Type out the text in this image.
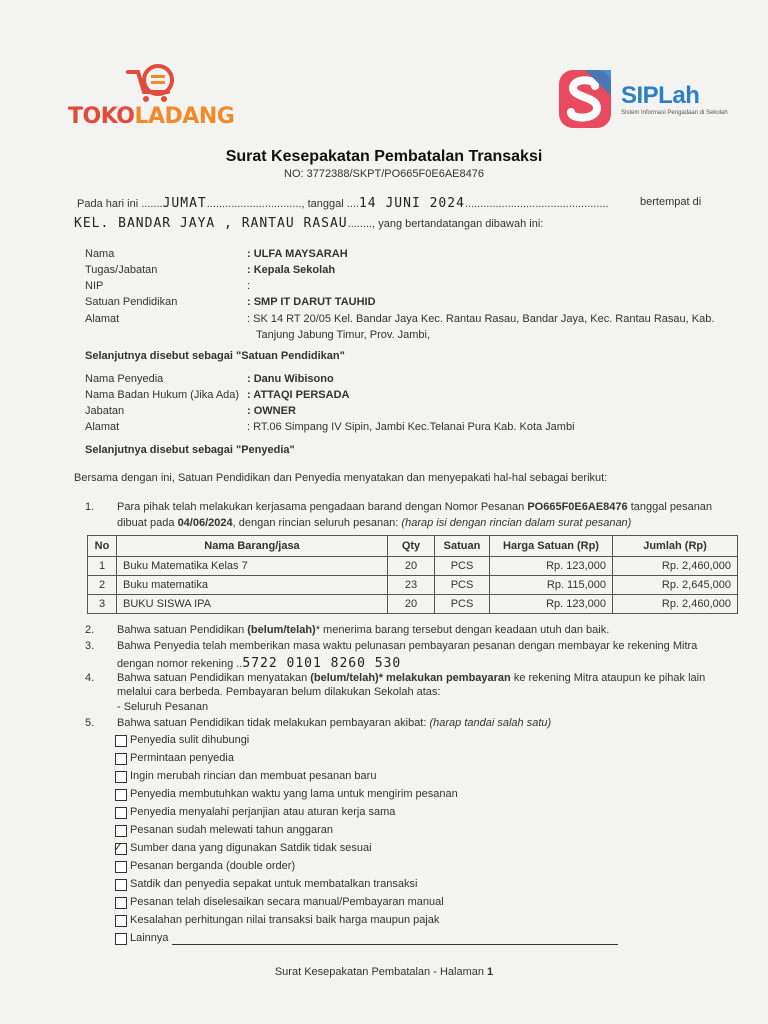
TOKOLADANG
SIPLah
Sistem Informasi Pengadaan di Sekolah
Surat Kesepakatan Pembatalan Transaksi
NO: 3772388/SKPT/PO665F0E6AE8476
Pada hari ini .......JUMAT..............................., tanggal ....14 JUNI 2024...............................................	bertempat di
KEL. BANDAR JAYA , RANTAU RASAU........, yang bertandatangan dibawah ini:
Nama	: ULFA MAYSARAH
Tugas/Jabatan	: Kepala Sekolah
NIP	:
Satuan Pendidikan	: SMP IT DARUT TAUHID
Alamat	: SK 14 RT 20/05 Kel. Bandar Jaya Kec. Rantau Rasau, Bandar Jaya, Kec. Rantau Rasau, Kab.
Tanjung Jabung Timur, Prov. Jambi,
Selanjutnya disebut sebagai "Satuan Pendidikan"
Nama Penyedia	: Danu Wibisono
Nama Badan Hukum (Jika Ada) : ATTAQI PERSADA
Jabatan	: OWNER
Alamat	: RT.06 Simpang IV Sipin, Jambi Kec.Telanai Pura Kab. Kota Jambi
Selanjutnya disebut sebagai "Penyedia"
Bersama dengan ini, Satuan Pendidikan dan Penyedia menyatakan dan menyepakati hal-hal sebagai berikut:
1. Para pihak telah melakukan kerjasama pengadaan barand dengan Nomor Pesanan PO665F0E6AE8476 tanggal pesanan
dibuat pada 04/06/2024, dengan rincian seluruh pesanan: (harap isi dengan rincian dalam surat pesanan)
No	Nama Barang/jasa	Qty	Satuan	Harga Satuan (Rp)	Jumlah (Rp)
1	Buku Matematika Kelas 7	20	PCS	Rp. 123,000	Rp. 2,460,000
2	Buku matematika	23	PCS	Rp. 115,000	Rp. 2,645,000
3	BUKU SISWA IPA	20	PCS	Rp. 123,000	Rp. 2,460,000
2. Bahwa satuan Pendidikan (belum/telah)* menerima barang tersebut dengan keadaan utuh dan baik.
3. Bahwa Penyedia telah memberikan masa waktu pelunasan pembayaran pesanan dengan membayar ke rekening Mitra
dengan nomor rekening ..5722 0101 8260 530
4. Bahwa satuan Pendidikan menyatakan (belum/telah)* melakukan pembayaran ke rekening Mitra ataupun ke pihak lain
melalui cara berbeda. Pembayaran belum dilakukan Sekolah atas:
- Seluruh Pesanan
5. Bahwa satuan Pendidikan tidak melakukan pembayaran akibat: (harap tandai salah satu)
Penyedia sulit dihubungi
Permintaan penyedia
Ingin merubah rincian dan membuat pesanan baru
Penyedia membutuhkan waktu yang lama untuk mengirim pesanan
Penyedia menyalahi perjanjian atau aturan kerja sama
Pesanan sudah melewati tahun anggaran
✓ Sumber dana yang digunakan Satdik tidak sesuai
Pesanan berganda (double order)
Satdik dan penyedia sepakat untuk membatalkan transaksi
Pesanan telah diselesaikan secara manual/Pembayaran manual
Kesalahan perhitungan nilai transaksi baik harga maupun pajak
Lainnya
Surat Kesepakatan Pembatalan - Halaman 1
